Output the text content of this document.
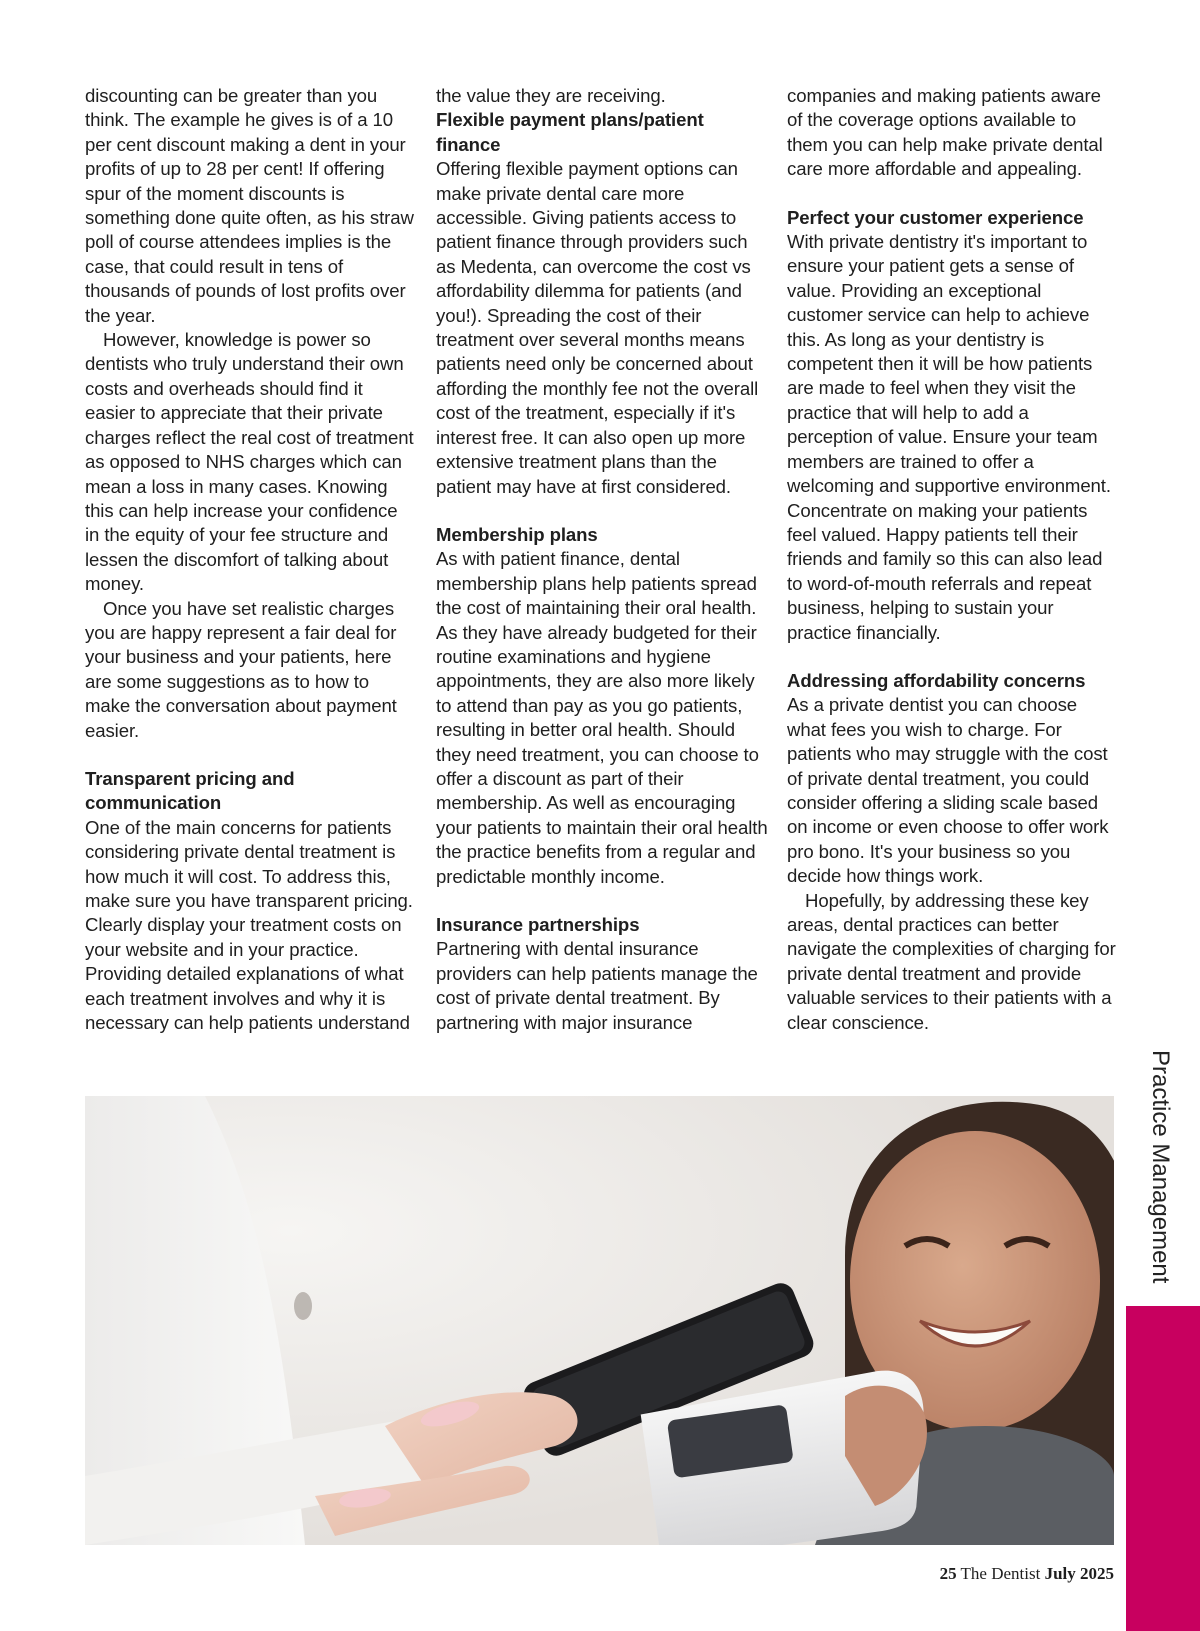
discounting can be greater than you think. The example he gives is of a 10 per cent discount making a dent in your profits of up to 28 per cent! If offering spur of the moment discounts is something done quite often, as his straw poll of course attendees implies is the case, that could result in tens of thousands of pounds of lost profits over the year.

However, knowledge is power so dentists who truly understand their own costs and overheads should find it easier to appreciate that their private charges reflect the real cost of treatment as opposed to NHS charges which can mean a loss in many cases. Knowing this can help increase your confidence in the equity of your fee structure and lessen the discomfort of talking about money.

Once you have set realistic charges you are happy represent a fair deal for your business and your patients, here are some suggestions as to how to make the conversation about payment easier.

Transparent pricing and communication

One of the main concerns for patients considering private dental treatment is how much it will cost. To address this, make sure you have transparent pricing. Clearly display your treatment costs on your website and in your practice. Providing detailed explanations of what each treatment involves and why it is necessary can help patients understand

the value they are receiving.

Flexible payment plans/patient finance

Offering flexible payment options can make private dental care more accessible. Giving patients access to patient finance through providers such as Medenta, can overcome the cost vs affordability dilemma for patients (and you!). Spreading the cost of their treatment over several months means patients need only be concerned about affording the monthly fee not the overall cost of the treatment, especially if it's interest free. It can also open up more extensive treatment plans than the patient may have at first considered.

Membership plans

As with patient finance, dental membership plans help patients spread the cost of maintaining their oral health. As they have already budgeted for their routine examinations and hygiene appointments, they are also more likely to attend than pay as you go patients, resulting in better oral health. Should they need treatment, you can choose to offer a discount as part of their membership. As well as encouraging your patients to maintain their oral health the practice benefits from a regular and predictable monthly income.

Insurance partnerships

Partnering with dental insurance providers can help patients manage the cost of private dental treatment. By partnering with major insurance

companies and making patients aware of the coverage options available to them you can help make private dental care more affordable and appealing.

Perfect your customer experience

With private dentistry it's important to ensure your patient gets a sense of value. Providing an exceptional customer service can help to achieve this. As long as your dentistry is competent then it will be how patients are made to feel when they visit the practice that will help to add a perception of value. Ensure your team members are trained to offer a welcoming and supportive environment. Concentrate on making your patients feel valued. Happy patients tell their friends and family so this can also lead to word-of-mouth referrals and repeat business, helping to sustain your practice financially.

Addressing affordability concerns

As a private dentist you can choose what fees you wish to charge. For patients who may struggle with the cost of private dental treatment, you could consider offering a sliding scale based on income or even choose to offer work pro bono. It's your business so you decide how things work.

Hopefully, by addressing these key areas, dental practices can better navigate the complexities of charging for private dental treatment and provide valuable services to their patients with a clear conscience.

Practice Management
25 The Dentist July 2025
